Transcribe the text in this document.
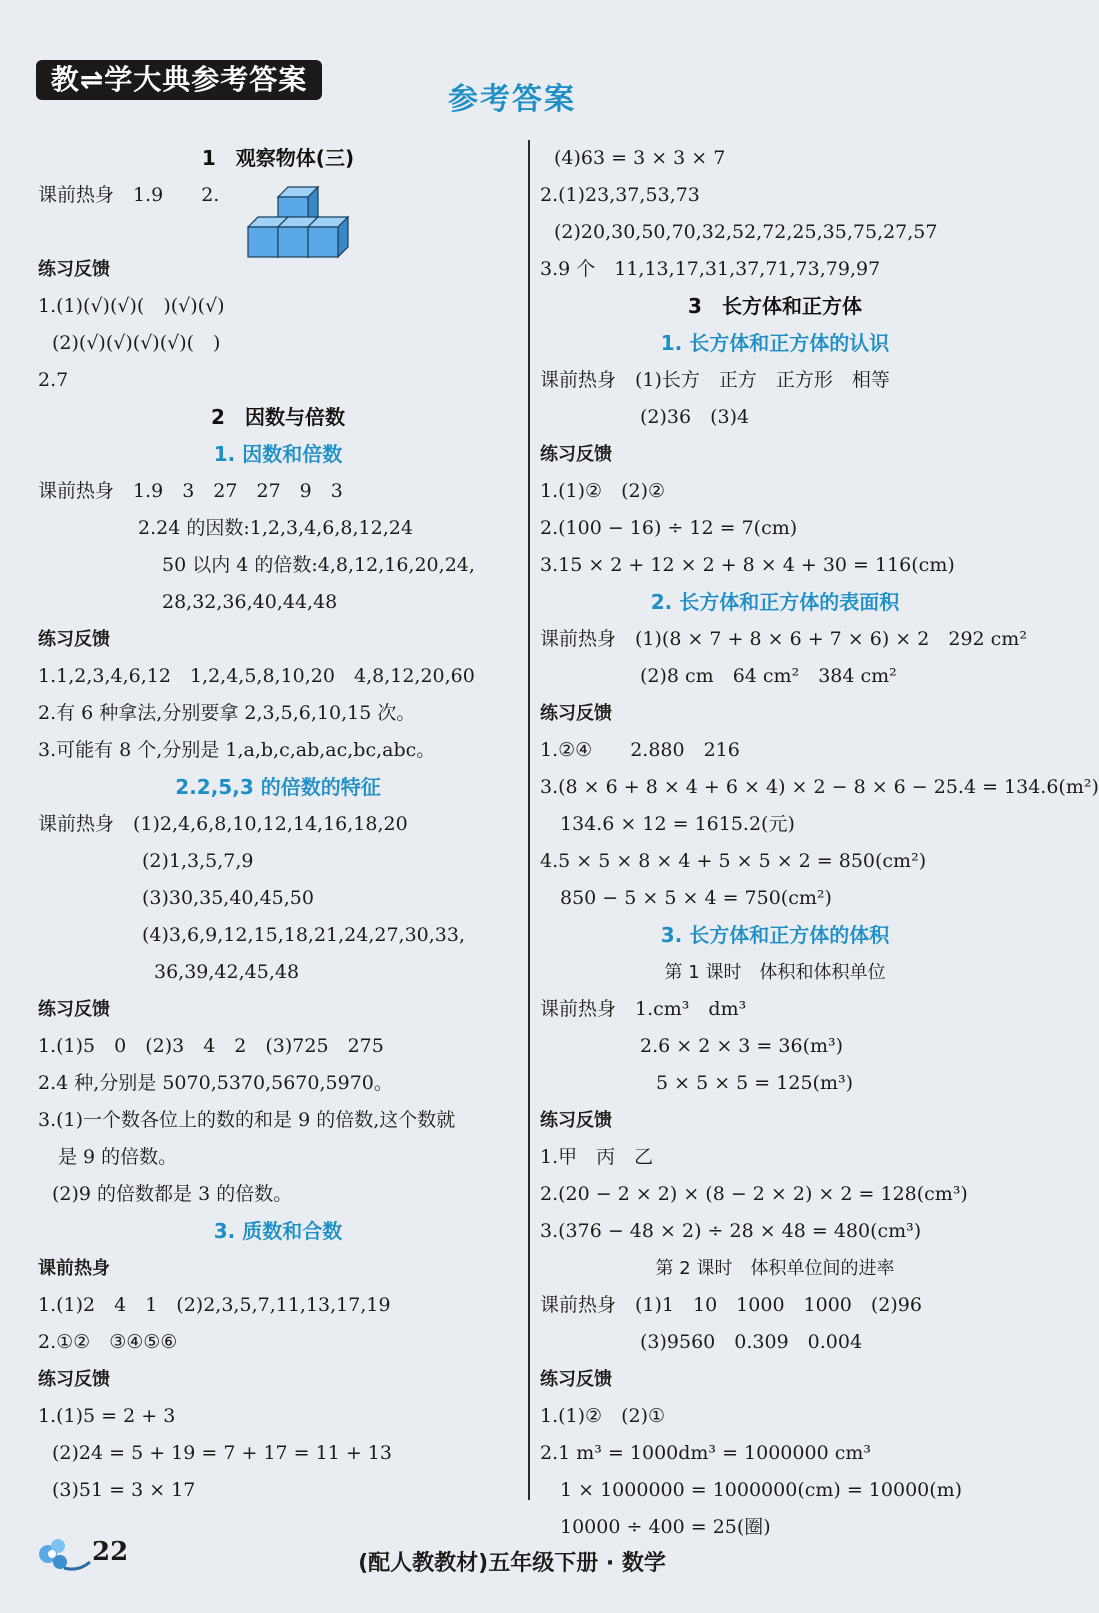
教⇌学大典参考答案
参考答案
1　观察物体(三)
课前热身　1.9　　2.
练习反馈
1.(1)(√)(√)(　)(√)(√)
(2)(√)(√)(√)(√)(　)
2.7
2　因数与倍数
1. 因数和倍数
课前热身　1.9　3　27　27　9　3
2.24 的因数:1,2,3,4,6,8,12,24
50 以内 4 的倍数:4,8,12,16,20,24,
28,32,36,40,44,48
练习反馈
1.1,2,3,4,6,12　1,2,4,5,8,10,20　4,8,12,20,60
2.有 6 种拿法,分别要拿 2,3,5,6,10,15 次。
3.可能有 8 个,分别是 1,a,b,c,ab,ac,bc,abc。
2.2,5,3 的倍数的特征
课前热身　(1)2,4,6,8,10,12,14,16,18,20
(2)1,3,5,7,9
(3)30,35,40,45,50
(4)3,6,9,12,15,18,21,24,27,30,33,
36,39,42,45,48
练习反馈
1.(1)5　0　(2)3　4　2　(3)725　275
2.4 种,分别是 5070,5370,5670,5970。
3.(1)一个数各位上的数的和是 9 的倍数,这个数就
是 9 的倍数。
(2)9 的倍数都是 3 的倍数。
3. 质数和合数
课前热身
1.(1)2　4　1　(2)2,3,5,7,11,13,17,19
2.①②　③④⑤⑥
练习反馈
1.(1)5 = 2 + 3
(2)24 = 5 + 19 = 7 + 17 = 11 + 13
(3)51 = 3 × 17
(4)63 = 3 × 3 × 7
2.(1)23,37,53,73
(2)20,30,50,70,32,52,72,25,35,75,27,57
3.9 个　11,13,17,31,37,71,73,79,97
3　长方体和正方体
1. 长方体和正方体的认识
课前热身　(1)长方　正方　正方形　相等
(2)36　(3)4
练习反馈
1.(1)②　(2)②
2.(100 − 16) ÷ 12 = 7(cm)
3.15 × 2 + 12 × 2 + 8 × 4 + 30 = 116(cm)
2. 长方体和正方体的表面积
课前热身　(1)(8 × 7 + 8 × 6 + 7 × 6) × 2　292 cm²
(2)8 cm　64 cm²　384 cm²
练习反馈
1.②④　　2.880　216
3.(8 × 6 + 8 × 4 + 6 × 4) × 2 − 8 × 6 − 25.4 = 134.6(m²)
134.6 × 12 = 1615.2(元)
4.5 × 5 × 8 × 4 + 5 × 5 × 2 = 850(cm²)
850 − 5 × 5 × 4 = 750(cm²)
3. 长方体和正方体的体积
第 1 课时　体积和体积单位
课前热身　1.cm³　dm³
2.6 × 2 × 3 = 36(m³)
5 × 5 × 5 = 125(m³)
练习反馈
1.甲　丙　乙
2.(20 − 2 × 2) × (8 − 2 × 2) × 2 = 128(cm³)
3.(376 − 48 × 2) ÷ 28 × 48 = 480(cm³)
第 2 课时　体积单位间的进率
课前热身　(1)1　10　1000　1000　(2)96
(3)9560　0.309　0.004
练习反馈
1.(1)②　(2)①
2.1 m³ = 1000dm³ = 1000000 cm³
1 × 1000000 = 1000000(cm) = 10000(m)
10000 ÷ 400 = 25(圈)
22	(配人教教材)五年级下册 · 数学
